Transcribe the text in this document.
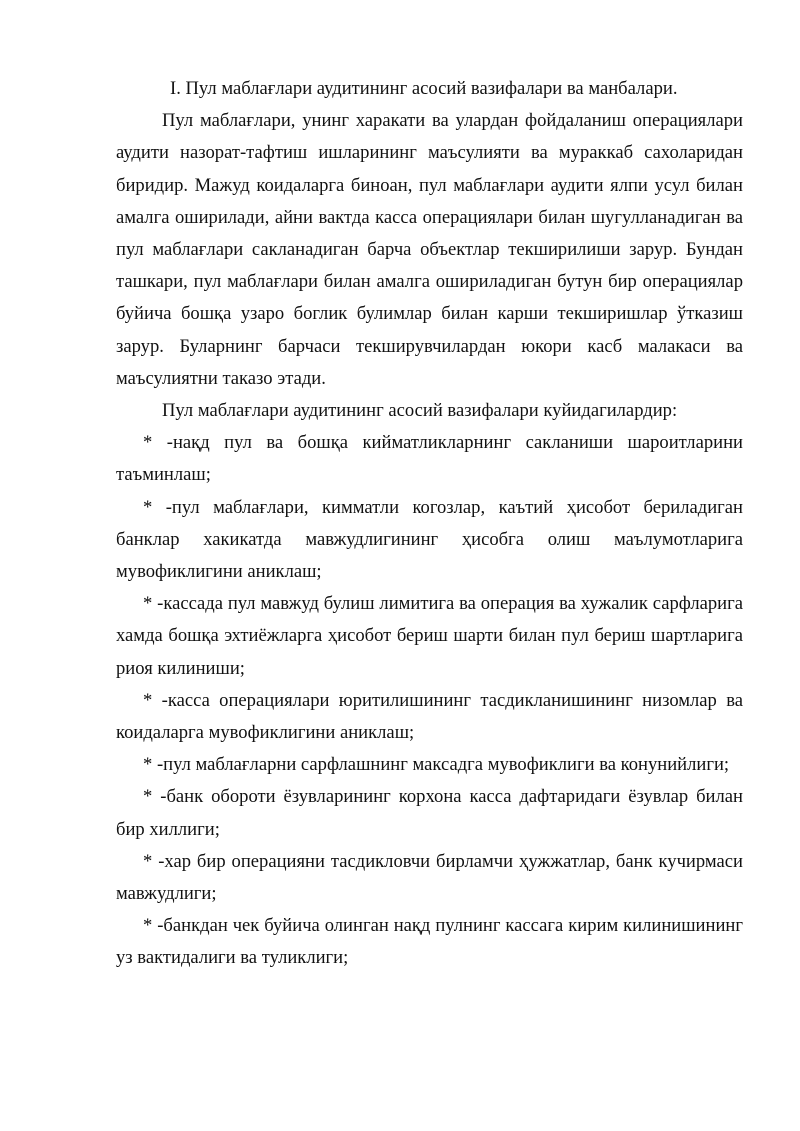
I. Пул маблағлари аудитининг асосий вазифалари ва манбалари.

Пул маблағлари, унинг харакати ва улардан фойдаланиш операциялари аудити назорат-тафтиш ишларининг маъсулияти ва мураккаб сахоларидан биридир. Мажуд коидаларга биноан, пул маблағлари аудити ялпи усул билан амалга оширилади, айни вактда касса операциялари билан шугулланадиган ва пул маблағлари сакланадиган барча объектлар текширилиши зарур. Бундан ташкари, пул маблағлари билан амалга ошириладиган бутун бир операциялар буйича бошқа узаро боглик булимлар билан карши текширишлар ўтказиш зарур. Буларнинг барчаси текширувчилардан юкори касб малакаси ва маъсулиятни таказо этади.

Пул маблағлари аудитининг асосий вазифалари куйидагилардир:

* -нақд пул ва бошқа кийматликларнинг сакланиши шароитларини таъминлаш;

* -пул маблағлари, кимматли когозлар, каътий ҳисобот бериладиган банклар хакикатда мавжудлигининг ҳисобга олиш маълумотларига мувофиклигини аниклаш;

* -кассада пул мавжуд булиш лимитига ва операция ва хужалик сарфларига хамда бошқа эхтиёжларга ҳисобот бериш шарти билан пул бериш шартларига риоя килиниши;

* -касса операциялари юритилишининг тасдикланишининг низомлар ва коидаларга мувофиклигини аниклаш;

* -пул маблағларни сарфлашнинг максадга мувофиклиги ва конунийлиги;

* -банк обороти ёзувларининг корхона касса дафтаридаги ёзувлар билан бир хиллиги;

* -хар бир операцияни тасдикловчи бирламчи ҳужжатлар, банк кучирмаси мавжудлиги;

* -банкдан чек буйича олинган нақд пулнинг кассага кирим килинишининг уз вактидалиги ва туликлиги;
